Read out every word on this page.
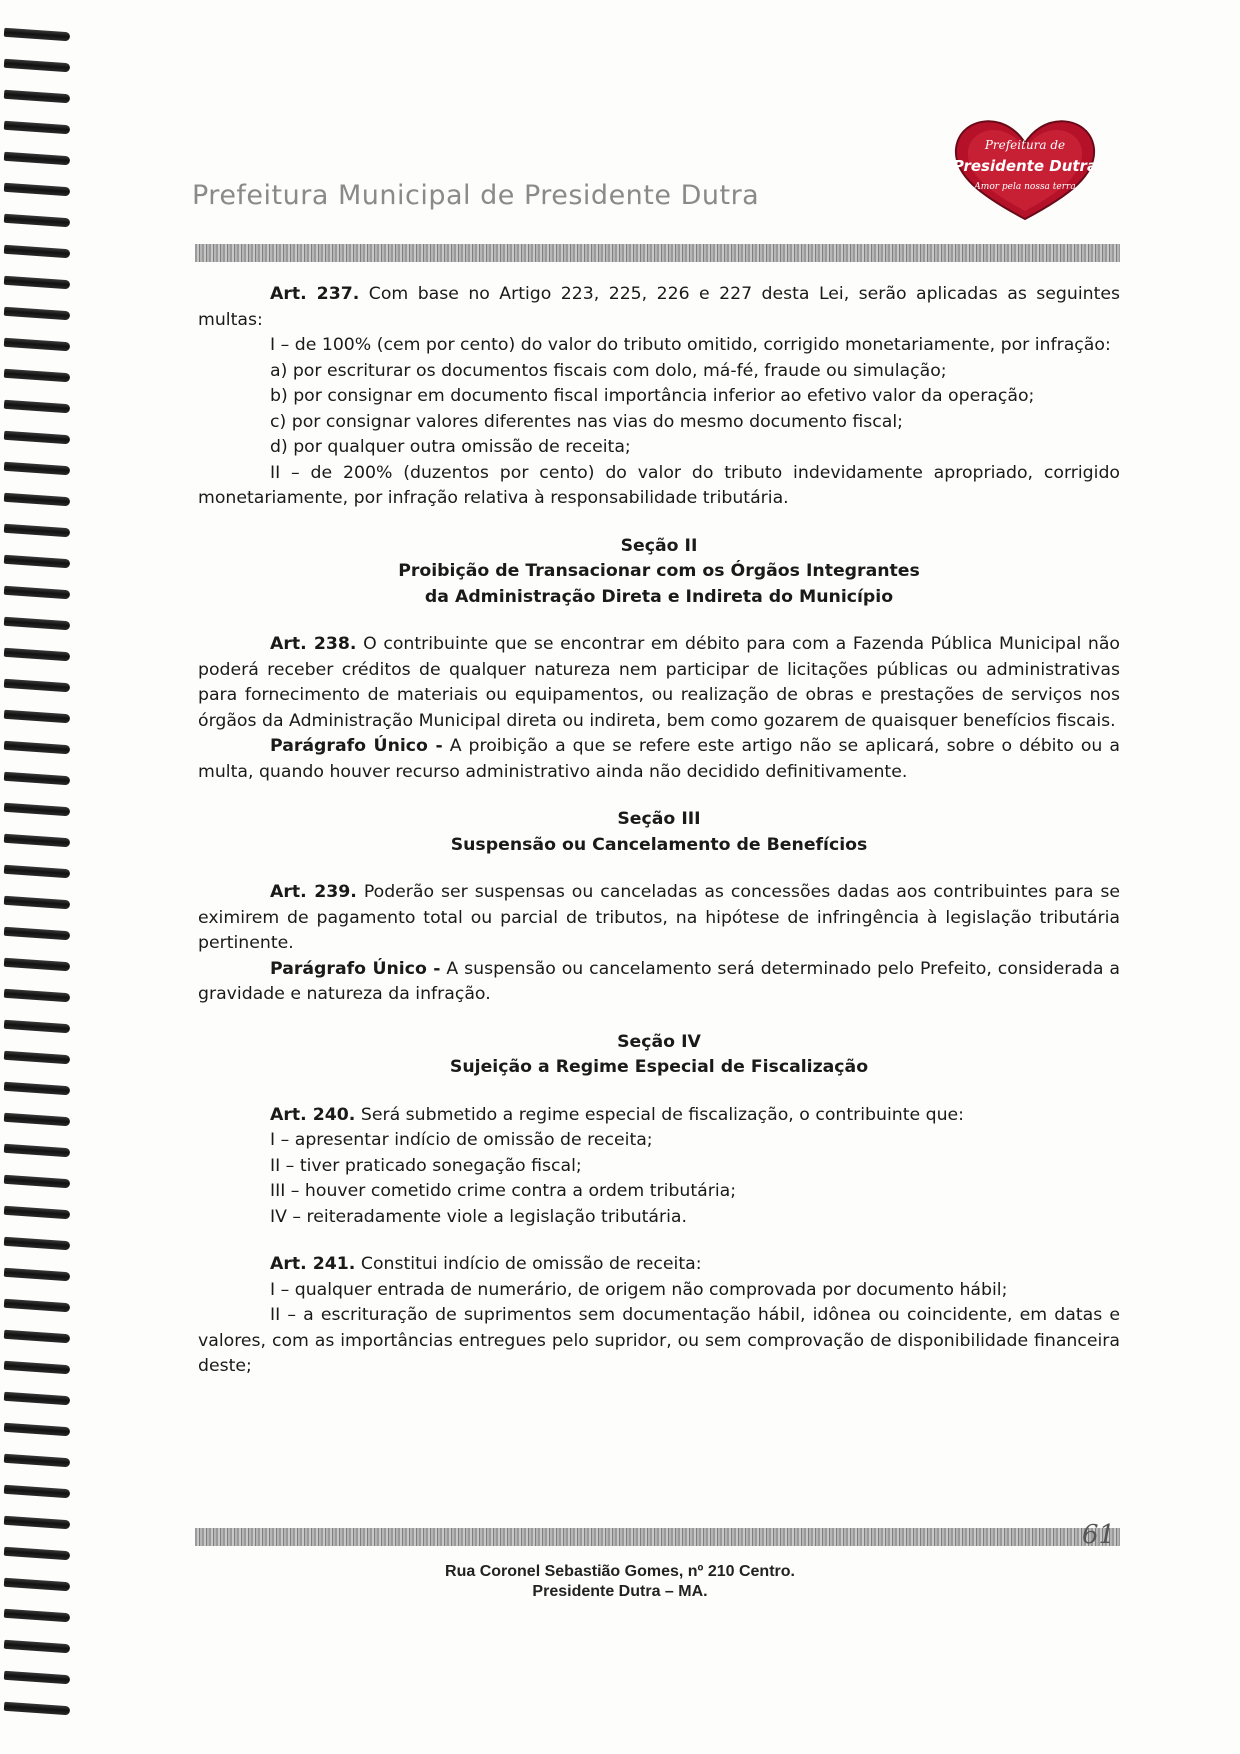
Prefeitura Municipal de Presidente Dutra
Prefeitura de
Presidente Dutra
Amor pela nossa terra

Art. 237. Com base no Artigo 223, 225, 226 e 227 desta Lei, serão aplicadas as seguintes multas:

I – de 100% (cem por cento) do valor do tributo omitido, corrigido monetariamente, por infração:

a) por escriturar os documentos fiscais com dolo, má-fé, fraude ou simulação;

b) por consignar em documento fiscal importância inferior ao efetivo valor da operação;

c) por consignar valores diferentes nas vias do mesmo documento fiscal;

d) por qualquer outra omissão de receita;

II – de 200% (duzentos por cento) do valor do tributo indevidamente apropriado, corrigido monetariamente, por infração relativa à responsabilidade tributária.

Seção II

Proibição de Transacionar com os Órgãos Integrantes

da Administração Direta e Indireta do Município

Art. 238. O contribuinte que se encontrar em débito para com a Fazenda Pública Municipal não poderá receber créditos de qualquer natureza nem participar de licitações públicas ou administrativas para fornecimento de materiais ou equipamentos, ou realização de obras e prestações de serviços nos órgãos da Administração Municipal direta ou indireta, bem como gozarem de quaisquer benefícios fiscais.

Parágrafo Único - A proibição a que se refere este artigo não se aplicará, sobre o débito ou a multa, quando houver recurso administrativo ainda não decidido definitivamente.

Seção III

Suspensão ou Cancelamento de Benefícios

Art. 239. Poderão ser suspensas ou canceladas as concessões dadas aos contribuintes para se eximirem de pagamento total ou parcial de tributos, na hipótese de infringência à legislação tributária pertinente.

Parágrafo Único - A suspensão ou cancelamento será determinado pelo Prefeito, considerada a gravidade e natureza da infração.

Seção IV

Sujeição a Regime Especial de Fiscalização

Art. 240. Será submetido a regime especial de fiscalização, o contribuinte que:

I – apresentar indício de omissão de receita;

II – tiver praticado sonegação fiscal;

III – houver cometido crime contra a ordem tributária;

IV – reiteradamente viole a legislação tributária.

Art. 241. Constitui indício de omissão de receita:

I – qualquer entrada de numerário, de origem não comprovada por documento hábil;

II – a escrituração de suprimentos sem documentação hábil, idônea ou coincidente, em datas e valores, com as importâncias entregues pelo supridor, ou sem comprovação de disponibilidade financeira deste;

61
Rua Coronel Sebastião Gomes, nº 210 Centro.
Presidente Dutra – MA.
